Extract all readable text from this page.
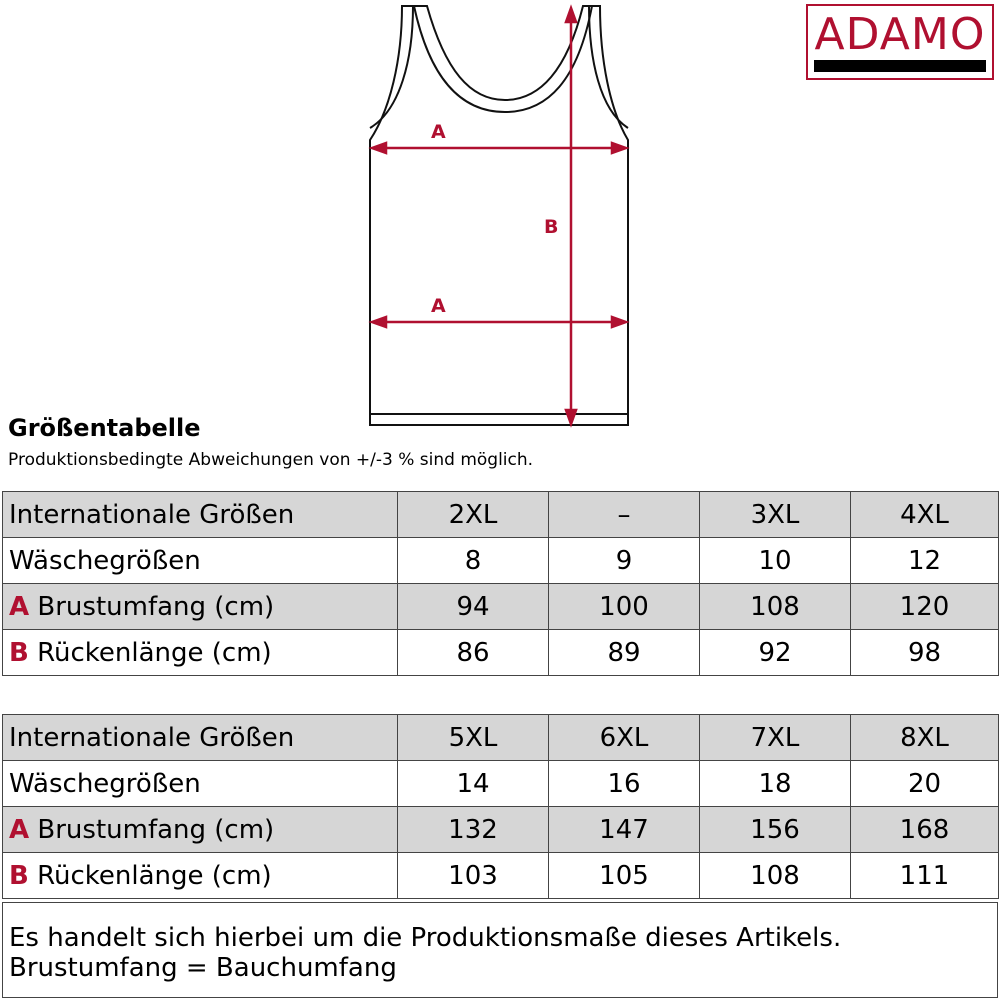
A
B
A
ADAMO
Größentabelle
Produktionsbedingte Abweichungen von +/-3 % sind möglich.
Internationale Größen	2XL	–	3XL	4XL
Wäschegrößen	8	9	10	12
A Brustumfang (cm)	94	100	108	120
B Rückenlänge (cm)	86	89	92	98
Internationale Größen	5XL	6XL	7XL	8XL
Wäschegrößen	14	16	18	20
A Brustumfang (cm)	132	147	156	168
B Rückenlänge (cm)	103	105	108	111
Es handelt sich hierbei um die Produktionsmaße dieses Artikels.
Brustumfang = Bauchumfang
